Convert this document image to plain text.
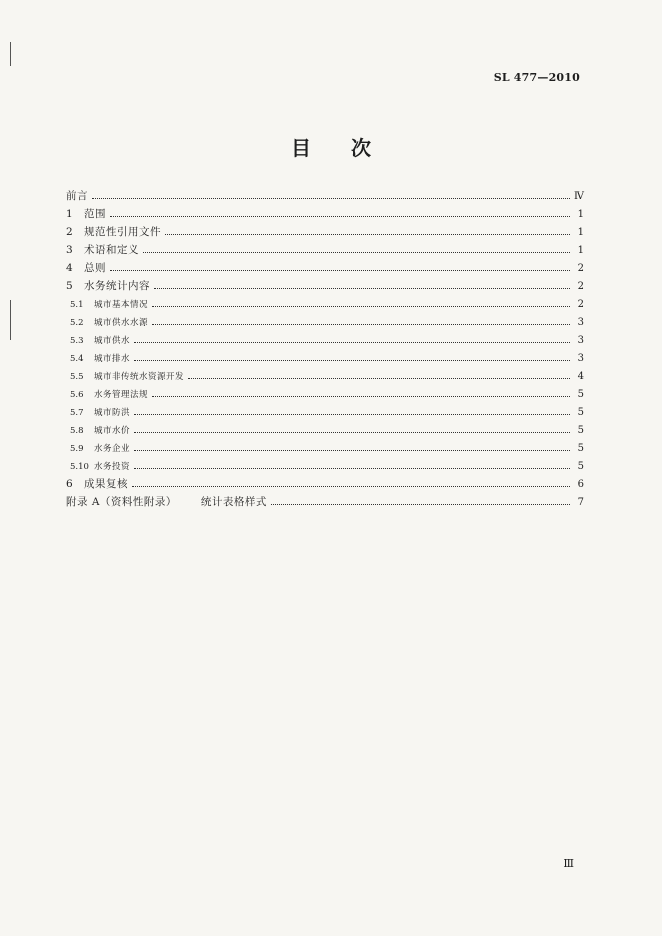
SL 477—2010
目 次
前言	Ⅳ
1	范围	1
2	规范性引用文件	1
3	术语和定义	1
4	总则	2
5	水务统计内容	2
5.1	城市基本情况	2
5.2	城市供水水源	3
5.3	城市供水	3
5.4	城市排水	3
5.5	城市非传统水资源开发	4
5.6	水务管理法规	5
5.7	城市防洪	5
5.8	城市水价	5
5.9	水务企业	5
5.10 水务投资	5
6	成果复核	6
附录 A（资料性附录） 统计表格样式	7
Ⅲ
